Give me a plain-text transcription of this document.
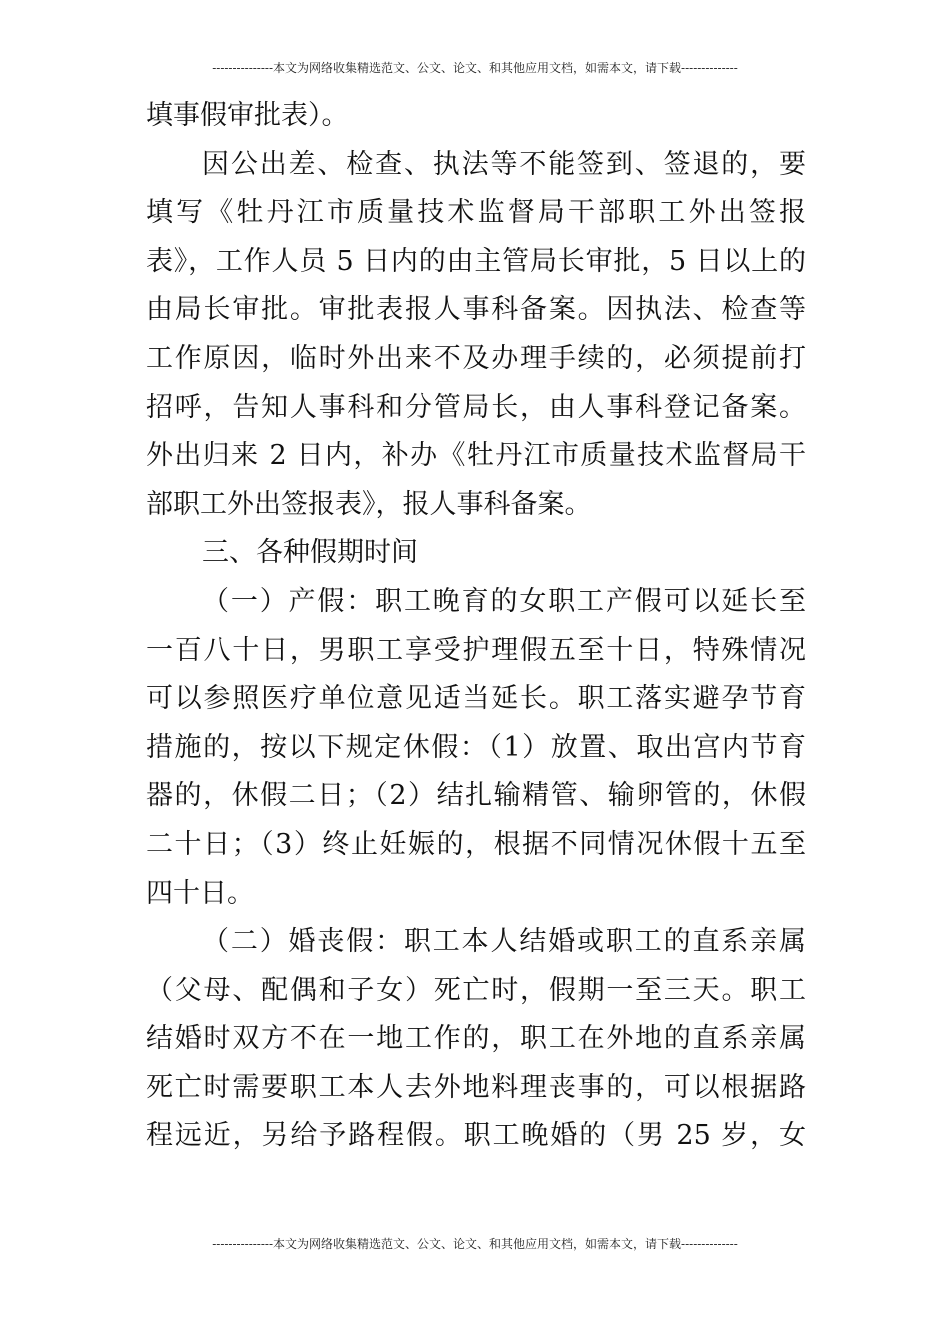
---------------本文为网络收集精选范文、公文、论文、和其他应用文档，如需本文，请下载--------------
填事假审批表）。
因公出差、检查、执法等不能签到、签退的，要
填写《牡丹江市质量技术监督局干部职工外出签报
表》，工作人员 5 日内的由主管局长审批，5 日以上的
由局长审批。审批表报人事科备案。因执法、检查等
工作原因，临时外出来不及办理手续的，必须提前打
招呼，告知人事科和分管局长，由人事科登记备案。
外出归来 2 日内，补办《牡丹江市质量技术监督局干
部职工外出签报表》，报人事科备案。
三、各种假期时间
（一）产假：职工晚育的女职工产假可以延长至
一百八十日，男职工享受护理假五至十日，特殊情况
可以参照医疗单位意见适当延长。职工落实避孕节育
措施的，按以下规定休假：（1）放置、取出宫内节育
器的，休假二日；（2）结扎输精管、输卵管的，休假
二十日；（3）终止妊娠的，根据不同情况休假十五至
四十日。
（二）婚丧假：职工本人结婚或职工的直系亲属
（父母、配偶和子女）死亡时，假期一至三天。职工
结婚时双方不在一地工作的，职工在外地的直系亲属
死亡时需要职工本人去外地料理丧事的，可以根据路
程远近，另给予路程假。职工晚婚的（男 25 岁，女
---------------本文为网络收集精选范文、公文、论文、和其他应用文档，如需本文，请下载--------------
